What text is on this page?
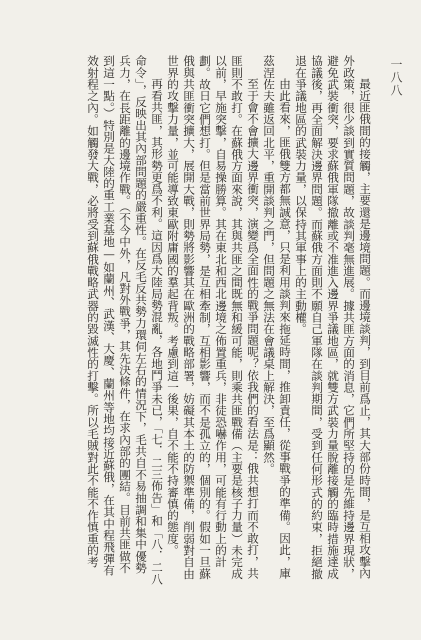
一八八

最近匪俄間的接觸，主要還是邊境問題。而邊境談判，到目前爲止，其大部份時間，是互相攻擊內外政策，很少談到實質問題，故談判毫無進展。據共匪方面的消息，它們所堅持的是先維持邊界現狀，避免武裝衝突，要求蘇俄軍隊撤離或不准進入邊界爭議地區，就雙方武裝力量脫離接觸的臨時措施達成協議後，再全面解決邊界問題。而蘇俄方面則不願自己軍隊在談判期間，受到任何形式的約束，拒絕撤退在爭議地區的武裝力量，以保持其軍事上的主動權。

由此看來，匪俄雙方都無誠意，只是利用談判來拖延時間，推卸責任，從事戰爭的準備。因此，庫茲涅佐夫雖返回北平，重開談判之門，但問題之無法在會議桌上解決，至爲顯然。

至于會不會擴大邊界衝突，演變爲全面性的戰爭問題呢？依我們的看法是：俄共想打而不敢打，共匪則不敢打。在蘇俄方面來說，其與共匪之間既無和緩可能，則乘共匪戰備（主要是核子力量）未完成以前，早施突擊，自易操勝算。其在東北和西北邊境之佈置重兵，非徒恐嚇作用，可能有行動上的計劃。故日它們想打。但是當前世界局勢，是互相牽制，互相影響，而不是孤立的，個別的。假如一旦蘇俄與共匪衝突擴大，展開大戰，則勢將影響其在歐洲的戰略部署，妨礙其本土的防禦準備，削弱對自由世界的攻擊力量，並可能導致東歐附庸國的羣起背叛。考慮到這一後果，自不能不持審慎的態度。

再看共匪，其形勢更爲不利。這因爲大陸局勢混亂，各地鬥爭未已，「七．二三佈告」和「八．二八命令」，反映出其內部問題的嚴重性。在反毛反共勢力環伺左右的情況下，毛共自不易抽調和集中優勢兵力，在長距離的邊境作戰。（不今中外，凡對外戰爭，其先決條件，在求內部的團結。目前共匪做不到這一點。）特別是大陸的重工業基地—如蘭州、武漢、大慶、蘭州等地均接近蘇俄，在其中程飛彈有效射程之內。如觸發大戰，必將受到蘇俄戰略武器的毀滅性的打擊。所以毛賊對此不能不作慎重的考
